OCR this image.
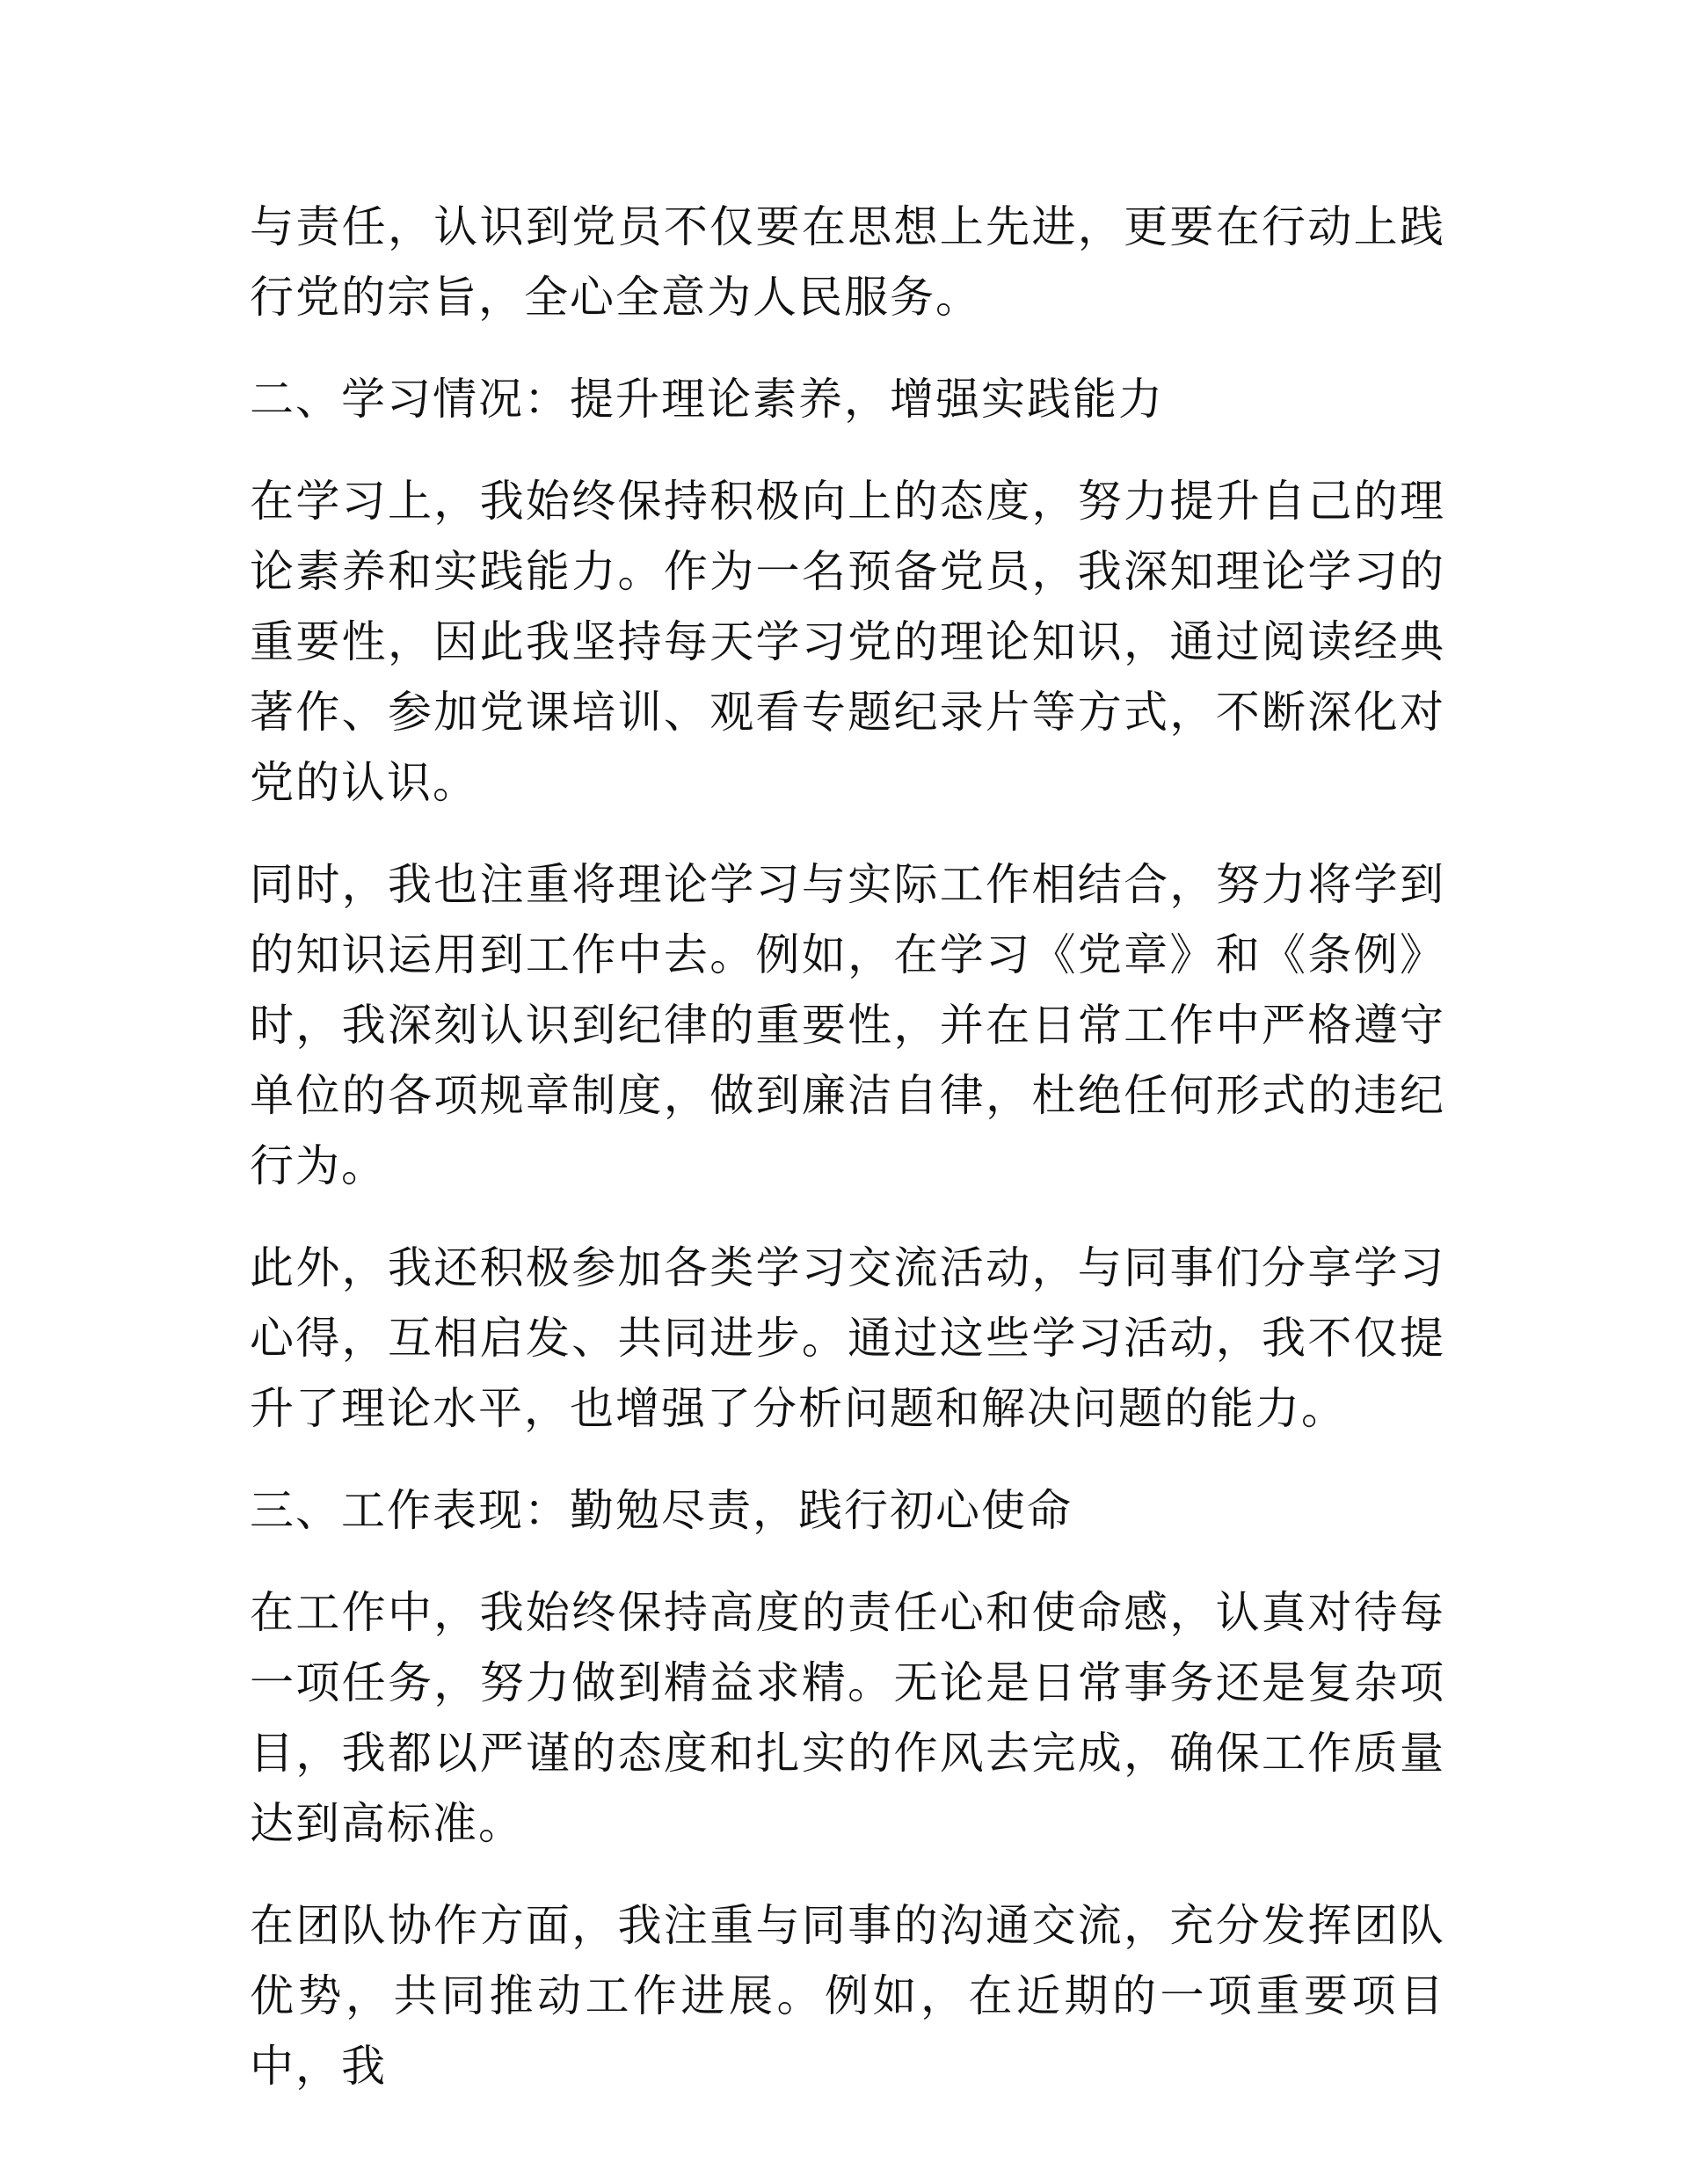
与责任，认识到党员不仅要在思想上先进，更要在行动上践行党的宗旨，全心全意为人民服务。

二、学习情况：提升理论素养，增强实践能力

在学习上，我始终保持积极向上的态度，努力提升自己的理论素养和实践能力。作为一名预备党员，我深知理论学习的重要性，因此我坚持每天学习党的理论知识，通过阅读经典著作、参加党课培训、观看专题纪录片等方式，不断深化对党的认识。

同时，我也注重将理论学习与实际工作相结合，努力将学到的知识运用到工作中去。例如，在学习《党章》和《条例》时，我深刻认识到纪律的重要性，并在日常工作中严格遵守单位的各项规章制度，做到廉洁自律，杜绝任何形式的违纪行为。

此外，我还积极参加各类学习交流活动，与同事们分享学习心得，互相启发、共同进步。通过这些学习活动，我不仅提升了理论水平，也增强了分析问题和解决问题的能力。

三、工作表现：勤勉尽责，践行初心使命

在工作中，我始终保持高度的责任心和使命感，认真对待每一项任务，努力做到精益求精。无论是日常事务还是复杂项目，我都以严谨的态度和扎实的作风去完成，确保工作质量达到高标准。

在团队协作方面，我注重与同事的沟通交流，充分发挥团队优势，共同推动工作进展。例如，在近期的一项重要项目中，我
